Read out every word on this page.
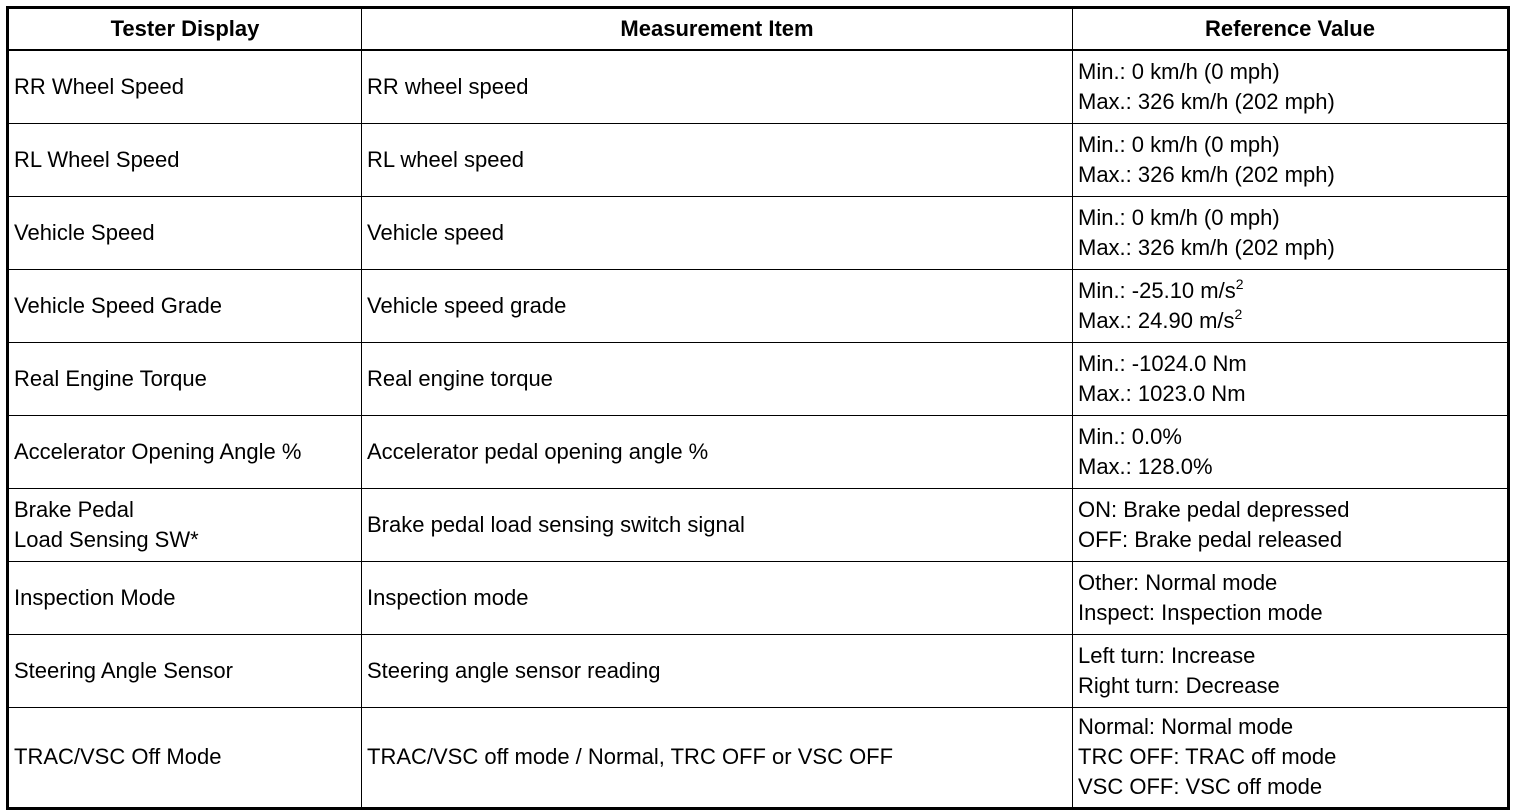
Tester Display	Measurement Item	Reference Value

RR Wheel Speed	RR wheel speed	Min.: 0 km/h (0 mph)
Max.: 326 km/h (202 mph)

RL Wheel Speed	RL wheel speed	Min.: 0 km/h (0 mph)
Max.: 326 km/h (202 mph)

Vehicle Speed	Vehicle speed	Min.: 0 km/h (0 mph)
Max.: 326 km/h (202 mph)

Vehicle Speed Grade	Vehicle speed grade	Min.: -25.10 $m/s^2$
Max.: 24.90 $m/s^2$

Real Engine Torque	Real engine torque	Min.: -1024.0 Nm
Max.: 1023.0 Nm

Accelerator Opening Angle %	Accelerator pedal opening angle %	Min.: 0.0%
Max.: 128.0%

Brake Pedal
Load Sensing SW*	Brake pedal load sensing switch signal	ON: Brake pedal depressed
OFF: Brake pedal released

Inspection Mode	Inspection mode	Other: Normal mode
Inspect: Inspection mode

Steering Angle Sensor	Steering angle sensor reading	Left turn: Increase
Right turn: Decrease

TRAC/VSC Off Mode	TRAC/VSC off mode / Normal, TRC OFF or VSC OFF	Normal: Normal mode
TRC OFF: TRAC off mode
VSC OFF: VSC off mode
